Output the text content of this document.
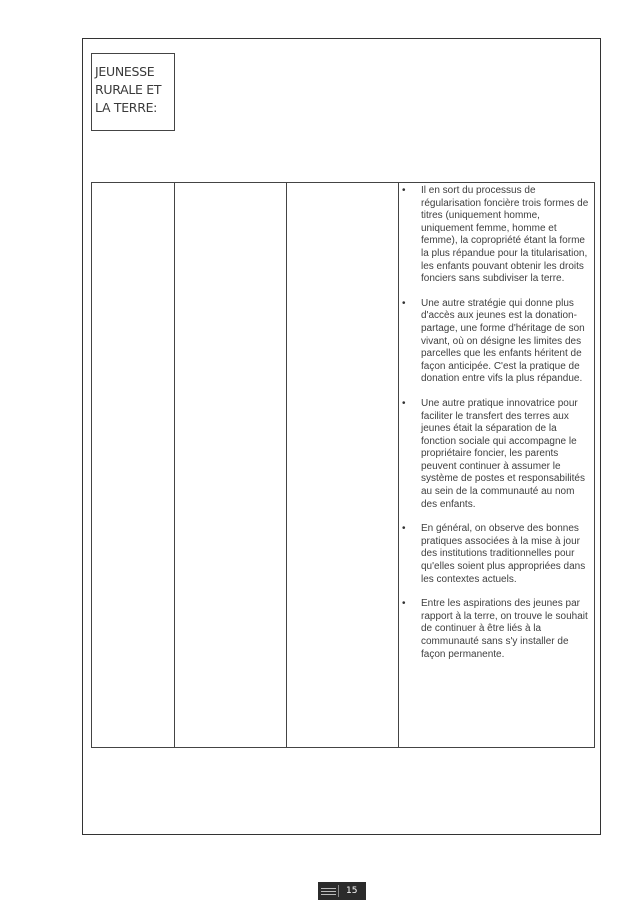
JEUNESSE
RURALE ET
LA TERRE:

• Il en sort du processus de régularisation foncière trois formes de titres (uniquement homme, uniquement femme, homme et femme), la copropriété étant la forme la plus répandue pour la titularisation, les enfants pouvant obtenir les droits fonciers sans subdiviser la terre.
• Une autre stratégie qui donne plus d'accès aux jeunes est la donation-partage, une forme d'héritage de son vivant, où on désigne les limites des parcelles que les enfants héritent de façon anticipée. C'est la pratique de donation entre vifs la plus répandue.
• Une autre pratique innovatrice pour faciliter le transfert des terres aux jeunes était la séparation de la fonction sociale qui accompagne le propriétaire foncier, les parents peuvent continuer à assumer le système de postes et responsabilités au sein de la communauté au nom des enfants.
• En général, on observe des bonnes pratiques associées à la mise à jour des institutions traditionnelles pour qu'elles soient plus appropriées dans les contextes actuels.
• Entre les aspirations des jeunes par rapport à la terre, on trouve le souhait de continuer à être liés à la communauté sans s'y installer de façon permanente.
15
